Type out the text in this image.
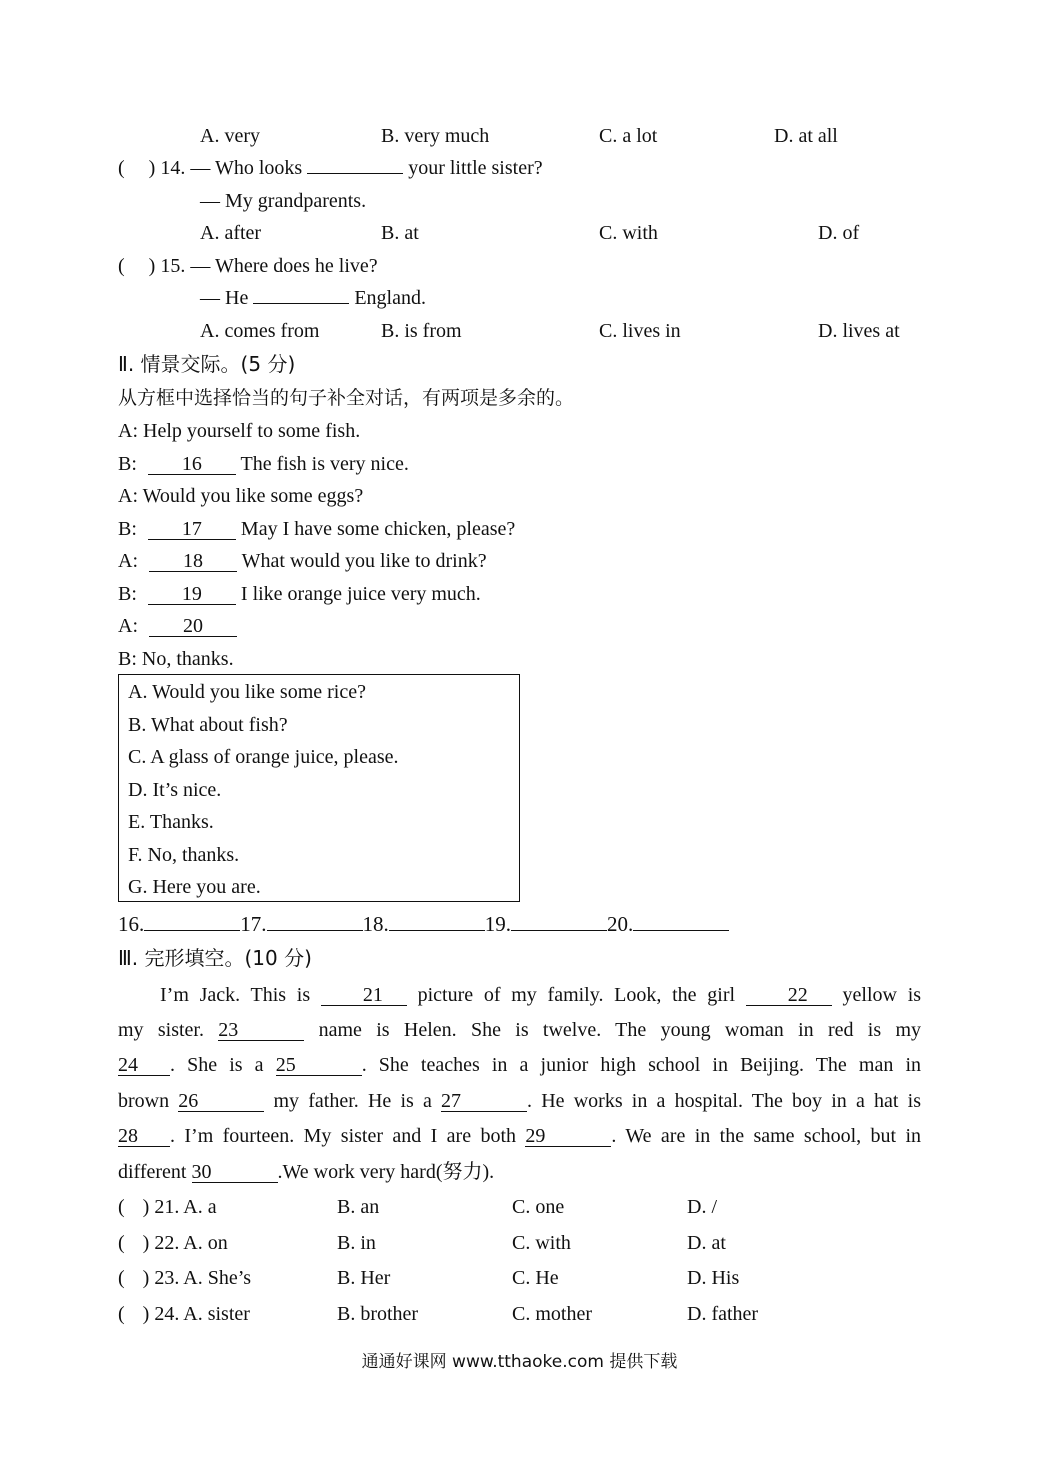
A. very	B. very much	C. a lot	D. at all
( ) 14. — Who looks	your little sister?
— My grandparents.
A. after	B. at	C. with	D. of
( ) 15. — Where does he live?
— He	England.
A. comes from	B. is from	C. lives in	D. lives at
Ⅱ. 情景交际。(5 分)
从方框中选择恰当的句子补全对话，有两项是多余的。
A: Help yourself to some fish.
B: 16 The fish is very nice.
A: Would you like some eggs?
B: 17 May I have some chicken, please?
A: 18 What would you like to drink?
B: 19 I like orange juice very much.
A: 20
B: No, thanks.
A. Would you like some rice?
B. What about fish?
C. A glass of orange juice, please.
D. It’s nice.
E. Thanks.
F. No, thanks.
G. Here you are.
16.	17.	18.	19.	20.
Ⅲ. 完形填空。(10 分)
I’m Jack. This is	21 picture of my family. Look, the girl	22 yellow is
my sister. 23	name is Helen. She is twelve. The young woman in red is my
24 . She is a 25	. She teaches in a junior high school in Beijing. The man in
brown 26	my father. He is a 27	. He works in a hospital. The boy in a hat is
28 . I’m fourteen. My sister and I are both 29	. We are in the same school, but in
different 30	.We work very hard(努力).
( ) 21. A. a	B. an	C. one	D. /
( ) 22. A. on	B. in	C. with	D. at
( ) 23. A. She’s	B. Her	C. He	D. His
( ) 24. A. sister	B. brother	C. mother	D. father
通通好课网 www.tthaoke.com 提供下载
